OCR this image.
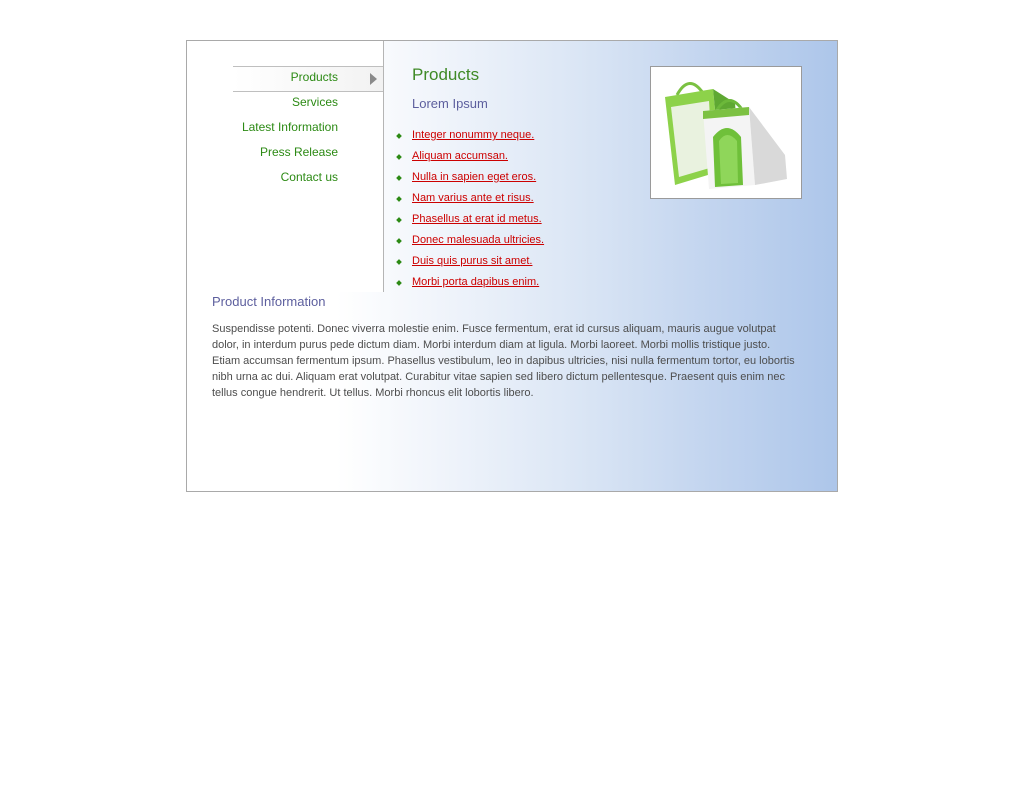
Products
Services
Latest Information
Press Release
Contact us
Products
Lorem Ipsum
Integer nonummy neque.
Aliquam accumsan.
Nulla in sapien eget eros.
Nam varius ante et risus.
Phasellus at erat id metus.
Donec malesuada ultricies.
Duis quis purus sit amet.
Morbi porta dapibus enim.
Product Information
Suspendisse potenti. Donec viverra molestie enim. Fusce fermentum, erat id cursus aliquam, mauris augue volutpat dolor, in interdum purus pede dictum diam. Morbi interdum diam at ligula. Morbi laoreet. Morbi mollis tristique justo. Etiam accumsan fermentum ipsum. Phasellus vestibulum, leo in dapibus ultricies, nisi nulla fermentum tortor, eu lobortis nibh urna ac dui. Aliquam erat volutpat. Curabitur vitae sapien sed libero dictum pellentesque. Praesent quis enim nec tellus congue hendrerit. Ut tellus. Morbi rhoncus elit lobortis libero.
